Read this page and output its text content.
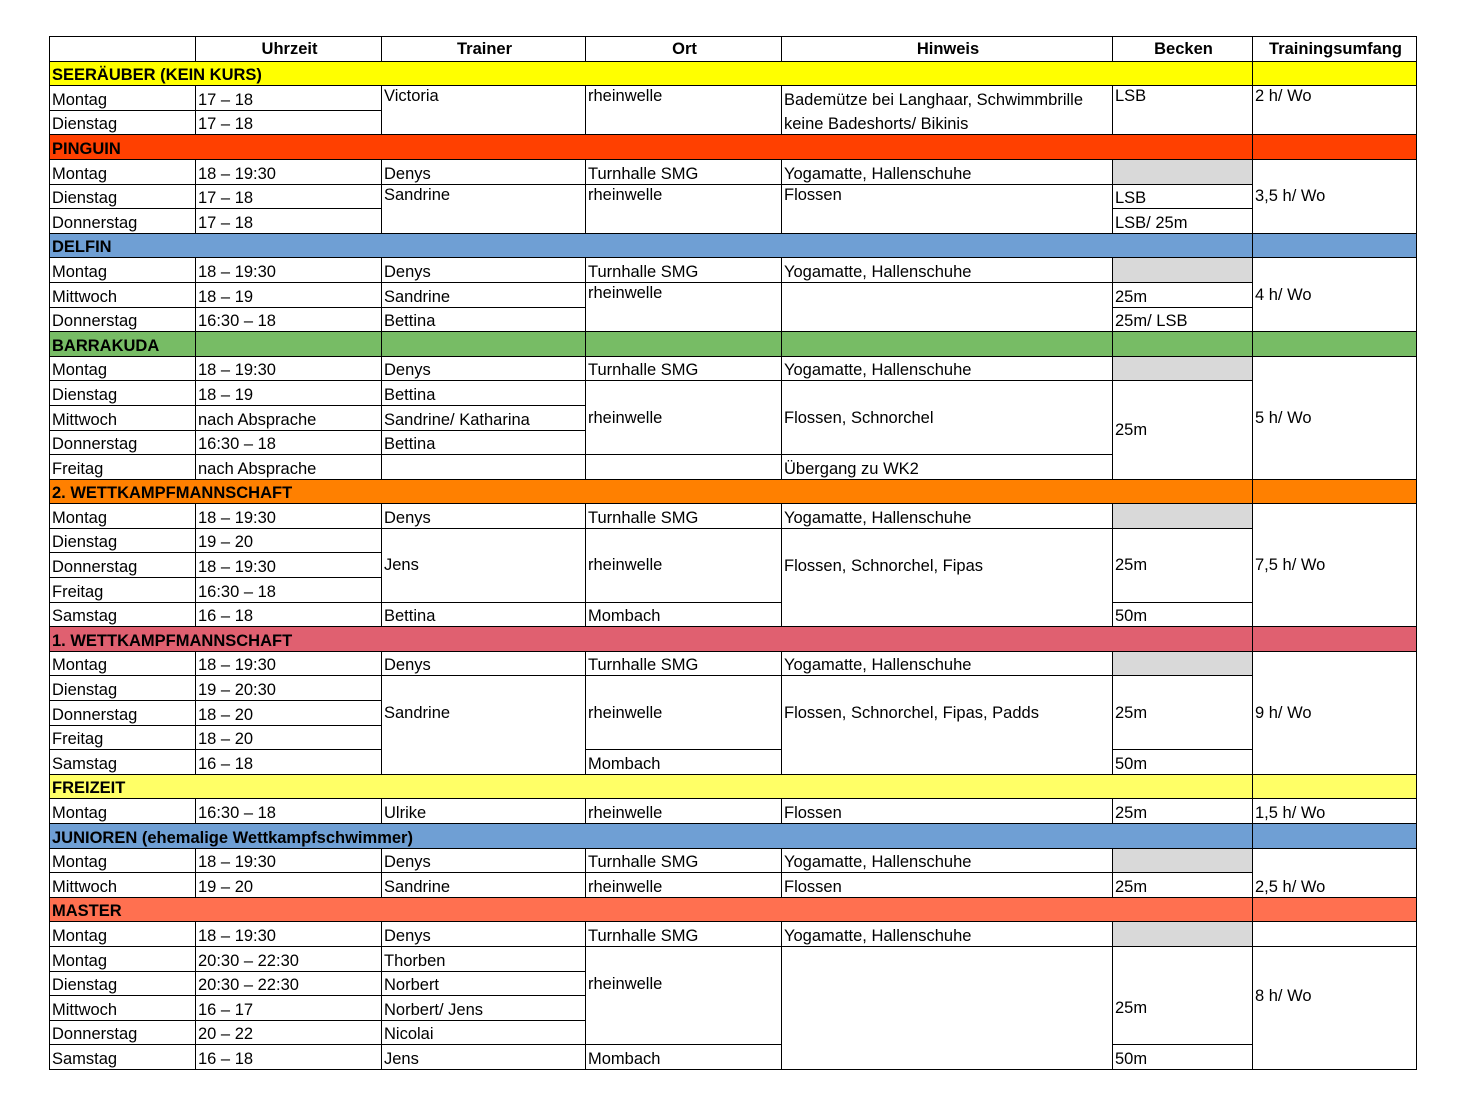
	Uhrzeit	Trainer	Ort	Hinweis	Becken	Trainingsumfang
SEERÄUBER (KEIN KURS)						
Montag	17 – 18	Victoria	rheinwelle	Bademütze bei Langhaar, Schwimmbrille	LSB	2 h/ Wo
Dienstag	17 – 18			keine Badeshorts/ Bikinis		
PINGUIN						
Montag	18 – 19:30	Denys	Turnhalle SMG	Yogamatte, Hallenschuhe		3,5 h/ Wo
Dienstag	17 – 18	Sandrine	rheinwelle	Flossen	LSB	
Donnerstag	17 – 18				LSB/ 25m	
DELFIN						
Montag	18 – 19:30	Denys	Turnhalle SMG	Yogamatte, Hallenschuhe		4 h/ Wo
Mittwoch	18 – 19	Sandrine	rheinwelle		25m	
Donnerstag	16:30 – 18	Bettina			25m/ LSB	
BARRAKUDA						
Montag	18 – 19:30	Denys	Turnhalle SMG	Yogamatte, Hallenschuhe		5 h/ Wo
Dienstag	18 – 19	Bettina	rheinwelle	Flossen, Schnorchel	25m	
Mittwoch	nach Absprache	Sandrine/ Katharina				
Donnerstag	16:30 – 18	Bettina				
Freitag	nach Absprache			Übergang zu WK2		
2. WETTKAMPFMANNSCHAFT						
Montag	18 – 19:30	Denys	Turnhalle SMG	Yogamatte, Hallenschuhe		7,5 h/ Wo
Dienstag	19 – 20	Jens	rheinwelle	Flossen, Schnorchel, Fipas	25m	
Donnerstag	18 – 19:30					
Freitag	16:30 – 18					
Samstag	16 – 18	Bettina	Mombach		50m	
1. WETTKAMPFMANNSCHAFT						
Montag	18 – 19:30	Denys	Turnhalle SMG	Yogamatte, Hallenschuhe		9 h/ Wo
Dienstag	19 – 20:30	Sandrine	rheinwelle	Flossen, Schnorchel, Fipas, Padds	25m	
Donnerstag	18 – 20					
Freitag	18 – 20					
Samstag	16 – 18		Mombach		50m	
FREIZEIT						
Montag	16:30 – 18	Ulrike	rheinwelle	Flossen	25m	1,5 h/ Wo
JUNIOREN (ehemalige Wettkampfschwimmer)						
Montag	18 – 19:30	Denys	Turnhalle SMG	Yogamatte, Hallenschuhe		2,5 h/ Wo
Mittwoch	19 – 20	Sandrine	rheinwelle	Flossen	25m	
MASTER						
Montag	18 – 19:30	Denys	Turnhalle SMG	Yogamatte, Hallenschuhe		
Montag	20:30 – 22:30	Thorben	rheinwelle		25m	8 h/ Wo
Dienstag	20:30 – 22:30	Norbert				
Mittwoch	16 – 17	Norbert/ Jens				
Donnerstag	20 – 22	Nicolai				
Samstag	16 – 18	Jens	Mombach		50m	
